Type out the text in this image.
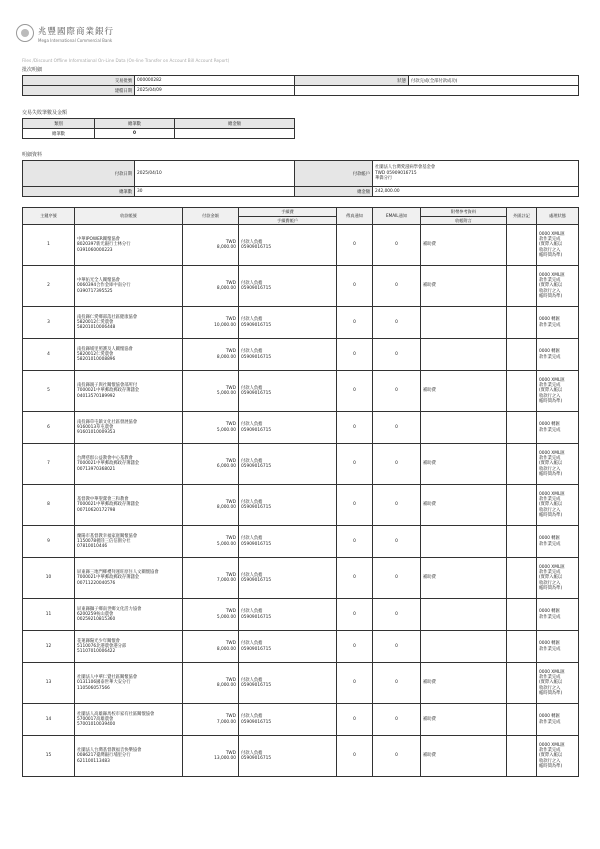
兆豐國際商業銀行
Mega International Commercial Bank
Files /Discount Offline Informational On-Line Data (On-line Transfer on Account Bill Account Report)
批次明細
交易批號	000000282	狀態	付款完成(全部付款成功)
建檔日期	2025/04/09		
交易失敗筆數及金額
類別	總筆數	總金額
總筆數	0	
明細資料
付款日期	2025/04/10	付款帳戶	社團法人台灣愛滋病學會基金會
TWD 05909016715
華僑分行

總筆數	30	總金額	242,000.00
主鍵序號	收款帳號	付款金額	手續費	傳真通知	EMAIL通知	附帶參考資料	外匯註記	處理狀態
			手續費帳戶			收帳附言		
1	中華IPOWER關懷協會
8020397新光銀行士林分行
0391060000223	TWD
8,000.00	付款人負擔
05909016715	0	0	補助費		0000 XML匯
款作業完成
(實際入帳以
收款行之入
帳時間為準)

2	中華佑光全人關懷協會
0060394合作金庫中南分行
0390717395525	TWD
8,000.00	付款人負擔
05909016715	0	0	補助費		0000 XML匯
款作業完成
(實際入帳以
收款行之入
帳時間為準)

3	南投縣仁愛鄉部落社區健康協會
5820012仁愛農會
58201010006448	TWD
10,000.00	付款人負擔
05909016715	0	0			0000 轉匯
款作業完成

4	南投縣埔里照護及人關懷協會
5820012仁愛農會
58201010008896	TWD
8,000.00	付款人負擔
05909016715	0	0			0000 轉匯
款作業完成

5	南投縣親子與社關懷協會部所付
7000021中華郵政郵政存簿儲金
04013570189992	TWD
5,000.00	付款人負擔
05909016715	0	0	補助費		0000 XML匯
款作業完成
(實際入帳以
收款行之入
帳時間為準)

6	南投縣草屯鎮文化社區發展協會
9160013草屯農會
91601010009353	TWD
5,000.00	付款人負擔
05909016715	0	0			0000 轉匯
款作業完成

7	台灣慈群公益教會中心基教會
7000021中華郵政郵政存簿儲金
00713970368021	TWD
6,000.00	付款人負擔
05909016715	0	0	補助費		0000 XML匯
款作業完成
(實際入帳以
收款行之入
帳時間為準)

8	基督教中華聖潔會三和教會
7000021中華郵政郵政存簿儲金
00710620172798	TWD
8,000.00	付款人負擔
05909016715	0	0	補助費		0000 XML匯
款作業完成
(實際入帳以
收款行之入
帳時間為準)

9	蘭陽市基督教幸福家庭關懷協會
1150078板陸三信信園分社
07810010446	TWD
5,000.00	付款人負擔
05909016715	0	0			0000 轉匯
款作業完成

10	屏東縣三地門鄉禮拜運旺原住人文關懷協會
7000021中華郵政郵政存簿儲金
00711220040576	TWD
7,000.00	付款人負擔
05909016715	0	0	補助費		0000 XML匯
款作業完成
(實際入帳以
收款行之入
帳時間為準)

11	屏東縣獅子鄉南世鄉文化活力協會
6200259枋山農會
00259210815360	TWD
5,000.00	付款人負擔
05909016715	0	0			0000 轉匯
款作業完成

12	花蓮縣陽光少年關懷會
5110076北港農會港分部
51107010006422	TWD
8,000.00	付款人負擔
05909016715	0	0			0000 轉匯
款作業完成

13	社團法人中華仁覺社區關懷協會
0131106國泰世華大安分行
110506057566	TWD
8,000.00	付款人負擔
05909016715	0	0	補助費		0000 XML匯
款作業完成
(實際入帳以
收款行之入
帳時間為準)

14	社團法人高雄縣馬校市家有社區關懷協會
5700017高雄農會
57001010039400	TWD
7,000.00	付款人負擔
05909016715	0	0	補助費		0000 轉匯
款作業完成

15	社團法人台灣基督教福音快樂協會
0086217臺灣銀行埔里分行
621100113483	TWD
13,000.00	付款人負擔
05909016715	0	0	補助費		0000 XML匯
款作業完成
(實際入帳以
收款行之入
帳時間為準)
